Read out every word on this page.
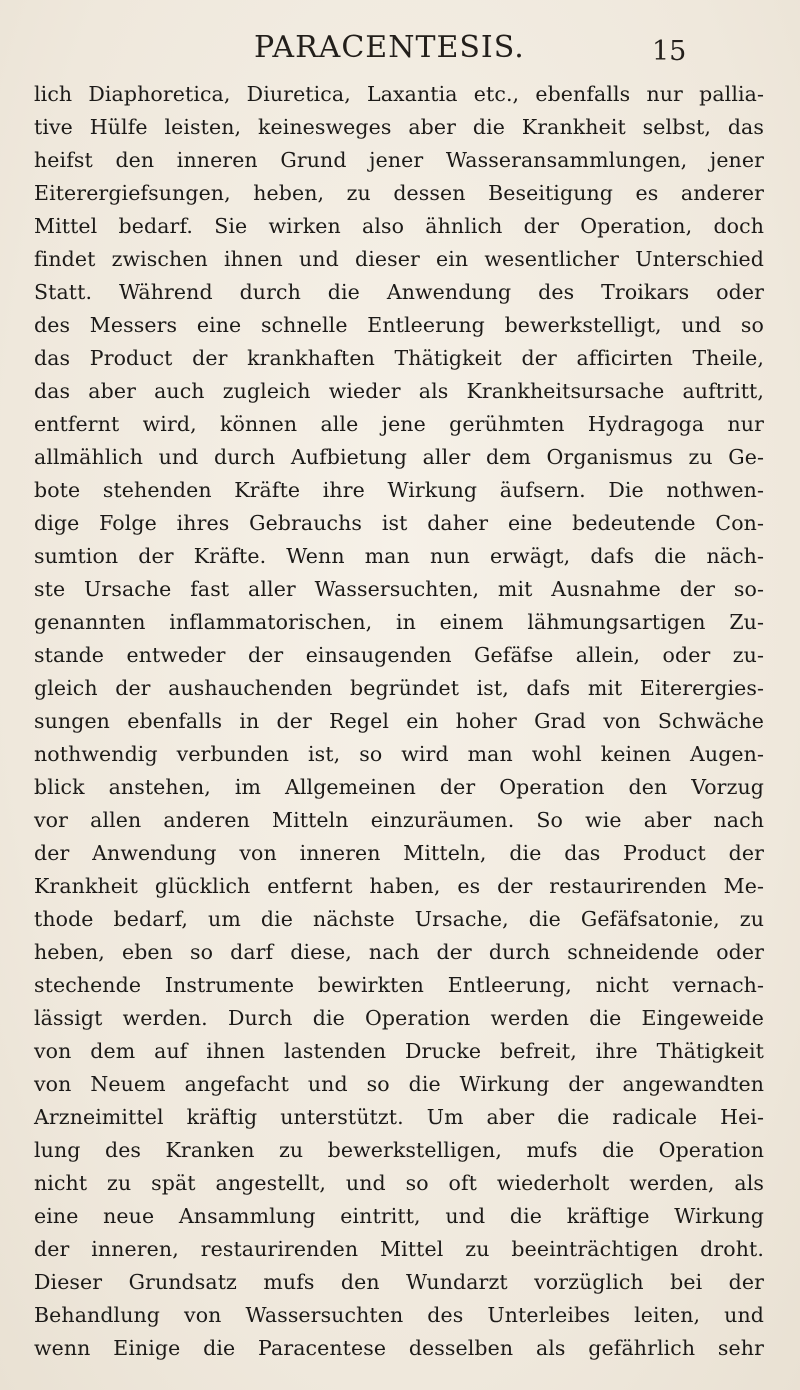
PARACENTESIS.	15
lich Diaphoretica, Diuretica, Laxantia etc., ebenfalls nur pallia-
tive Hülfe leisten, keinesweges aber die Krankheit selbst, das
heifst den inneren Grund jener Wasseransammlungen, jener
Eiterergiefsungen, heben, zu dessen Beseitigung es anderer
Mittel bedarf. Sie wirken also ähnlich der Operation, doch
findet zwischen ihnen und dieser ein wesentlicher Unterschied
Statt. Während durch die Anwendung des Troikars oder
des Messers eine schnelle Entleerung bewerkstelligt, und so
das Product der krankhaften Thätigkeit der afficirten Theile,
das aber auch zugleich wieder als Krankheitsursache auftritt,
entfernt wird, können alle jene gerühmten Hydragoga nur
allmählich und durch Aufbietung aller dem Organismus zu Ge-
bote stehenden Kräfte ihre Wirkung äufsern. Die nothwen-
dige Folge ihres Gebrauchs ist daher eine bedeutende Con-
sumtion der Kräfte. Wenn man nun erwägt, dafs die näch-
ste Ursache fast aller Wassersuchten, mit Ausnahme der so-
genannten inflammatorischen, in einem lähmungsartigen Zu-
stande entweder der einsaugenden Gefäfse allein, oder zu-
gleich der aushauchenden begründet ist, dafs mit Eiterergies-
sungen ebenfalls in der Regel ein hoher Grad von Schwäche
nothwendig verbunden ist, so wird man wohl keinen Augen-
blick anstehen, im Allgemeinen der Operation den Vorzug
vor allen anderen Mitteln einzuräumen. So wie aber nach
der Anwendung von inneren Mitteln, die das Product der
Krankheit glücklich entfernt haben, es der restaurirenden Me-
thode bedarf, um die nächste Ursache, die Gefäfsatonie, zu
heben, eben so darf diese, nach der durch schneidende oder
stechende Instrumente bewirkten Entleerung, nicht vernach-
lässigt werden. Durch die Operation werden die Eingeweide
von dem auf ihnen lastenden Drucke befreit, ihre Thätigkeit
von Neuem angefacht und so die Wirkung der angewandten
Arzneimittel kräftig unterstützt. Um aber die radicale Hei-
lung des Kranken zu bewerkstelligen, mufs die Operation
nicht zu spät angestellt, und so oft wiederholt werden, als
eine neue Ansammlung eintritt, und die kräftige Wirkung
der inneren, restaurirenden Mittel zu beeinträchtigen droht.
Dieser Grundsatz mufs den Wundarzt vorzüglich bei der
Behandlung von Wassersuchten des Unterleibes leiten, und
wenn Einige die Paracentese desselben als gefährlich sehr
